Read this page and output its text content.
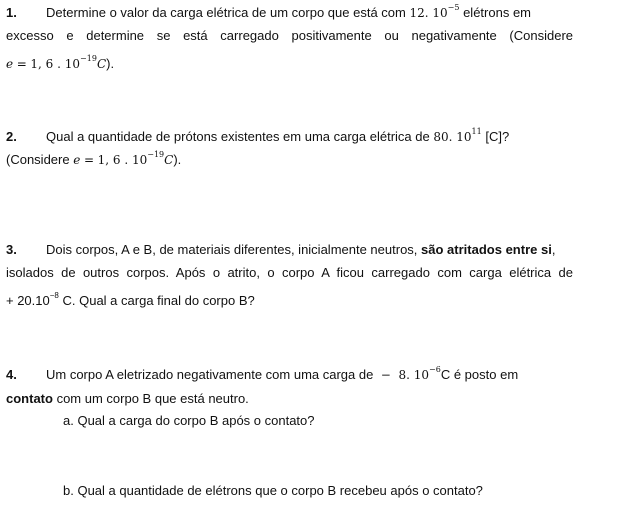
1. Determine o valor da carga elétrica de um corpo que está com 12. $10^{-5}$ elétrons em
excesso e determine se está carregado positivamente ou negativamente (Considere
e = 1, 6 . $10^{-19}C$).
2. Qual a quantidade de prótons existentes em uma carga elétrica de 80. $10^{11}$ [C]?
(Considere e = 1, 6 . $10^{-19}C$).
3. Dois corpos, A e B, de materiais diferentes, inicialmente neutros, são atritados entre si,
isolados de outros corpos. Após o atrito, o corpo A ficou carregado com carga elétrica de
+ $20.10^{-8}$ C. Qual a carga final do corpo B?
4. Um corpo A eletrizado negativamente com uma carga de − 8. $10^{-6}C$ é posto em
contato com um corpo B que está neutro.
a. Qual a carga do corpo B após o contato?
b. Qual a quantidade de elétrons que o corpo B recebeu após o contato?
